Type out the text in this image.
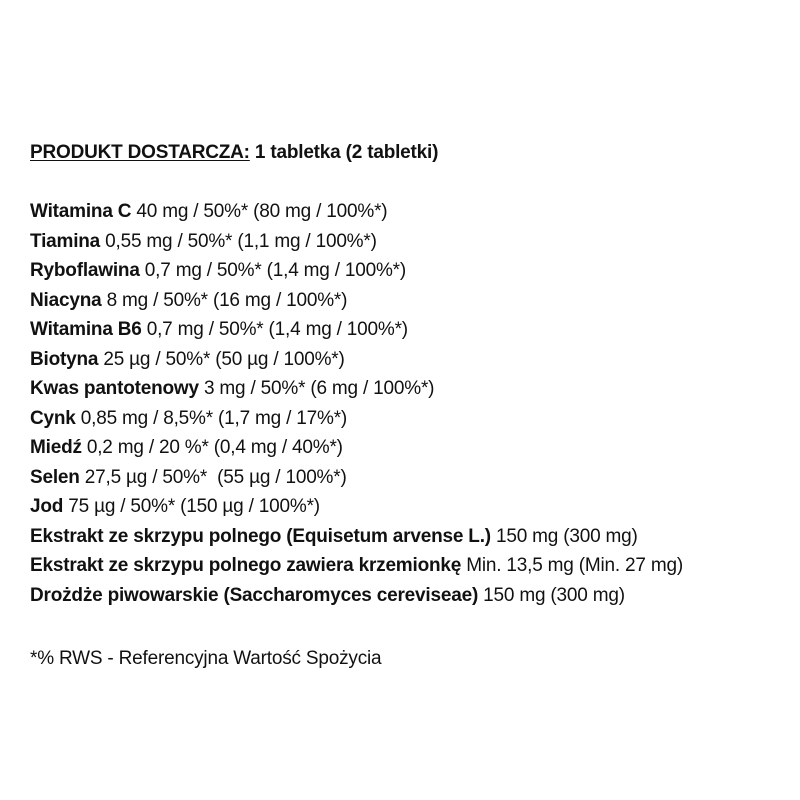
PRODUKT DOSTARCZA: 1 tabletka (2 tabletki)
Witamina C 40 mg / 50%* (80 mg / 100%*)
Tiamina 0,55 mg / 50%* (1,1 mg / 100%*)
Ryboflawina 0,7 mg / 50%* (1,4 mg / 100%*)
Niacyna 8 mg / 50%* (16 mg / 100%*)
Witamina B6 0,7 mg / 50%* (1,4 mg / 100%*)
Biotyna 25 µg / 50%* (50 µg / 100%*)
Kwas pantotenowy 3 mg / 50%* (6 mg / 100%*)
Cynk 0,85 mg / 8,5%* (1,7 mg / 17%*)
Miedź 0,2 mg / 20 %* (0,4 mg / 40%*)
Selen 27,5 µg / 50%*  (55 µg / 100%*)
Jod 75 µg / 50%* (150 µg / 100%*)
Ekstrakt ze skrzypu polnego (Equisetum arvense L.) 150 mg (300 mg)
Ekstrakt ze skrzypu polnego zawiera krzemionkę Min. 13,5 mg (Min. 27 mg)
Drożdże piwowarskie (Saccharomyces cereviseae) 150 mg (300 mg)
*% RWS - Referencyjna Wartość Spożycia
